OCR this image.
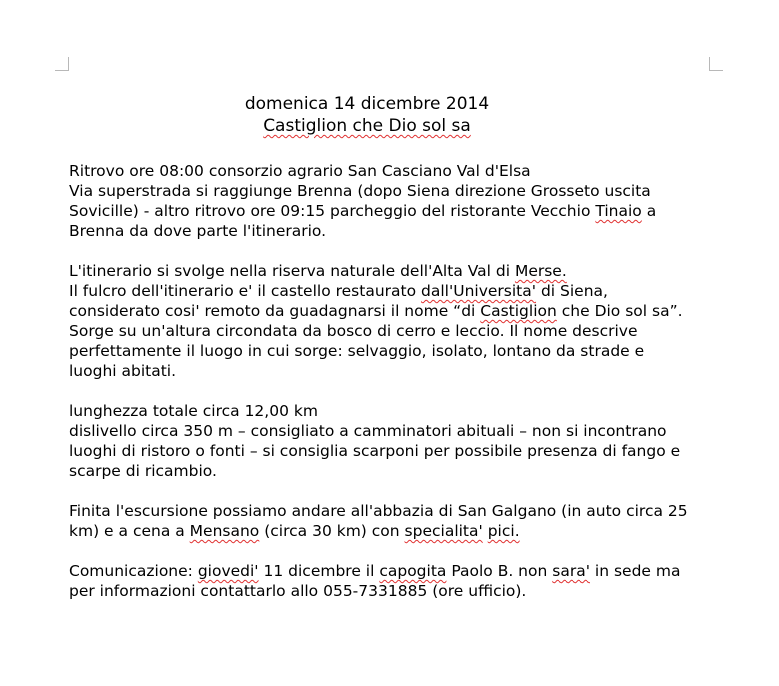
domenica 14 dicembre 2014
Castiglion che Dio sol sa
Ritrovo ore 08:00 consorzio agrario San Casciano Val d'Elsa
Via superstrada si raggiunge Brenna (dopo Siena direzione Grosseto uscita
Sovicille) - altro ritrovo ore 09:15 parcheggio del ristorante Vecchio Tinaio a
Brenna da dove parte l'itinerario.
L'itinerario si svolge nella riserva naturale dell'Alta Val di Merse.
Il fulcro dell'itinerario e' il castello restaurato dall'Universita' di Siena,
considerato cosi' remoto da guadagnarsi il nome “di Castiglion che Dio sol sa”.
Sorge su un'altura circondata da bosco di cerro e leccio. Il nome descrive
perfettamente il luogo in cui sorge: selvaggio, isolato, lontano da strade e
luoghi abitati.
lunghezza totale circa 12,00 km
dislivello circa 350 m – consigliato a camminatori abituali – non si incontrano
luoghi di ristoro o fonti – si consiglia scarponi per possibile presenza di fango e
scarpe di ricambio.
Finita l'escursione possiamo andare all'abbazia di San Galgano (in auto circa 25
km) e a cena a Mensano (circa 30 km) con specialita' pici.
Comunicazione: giovedi' 11 dicembre il capogita Paolo B. non sara' in sede ma
per informazioni contattarlo allo 055-7331885 (ore ufficio).
